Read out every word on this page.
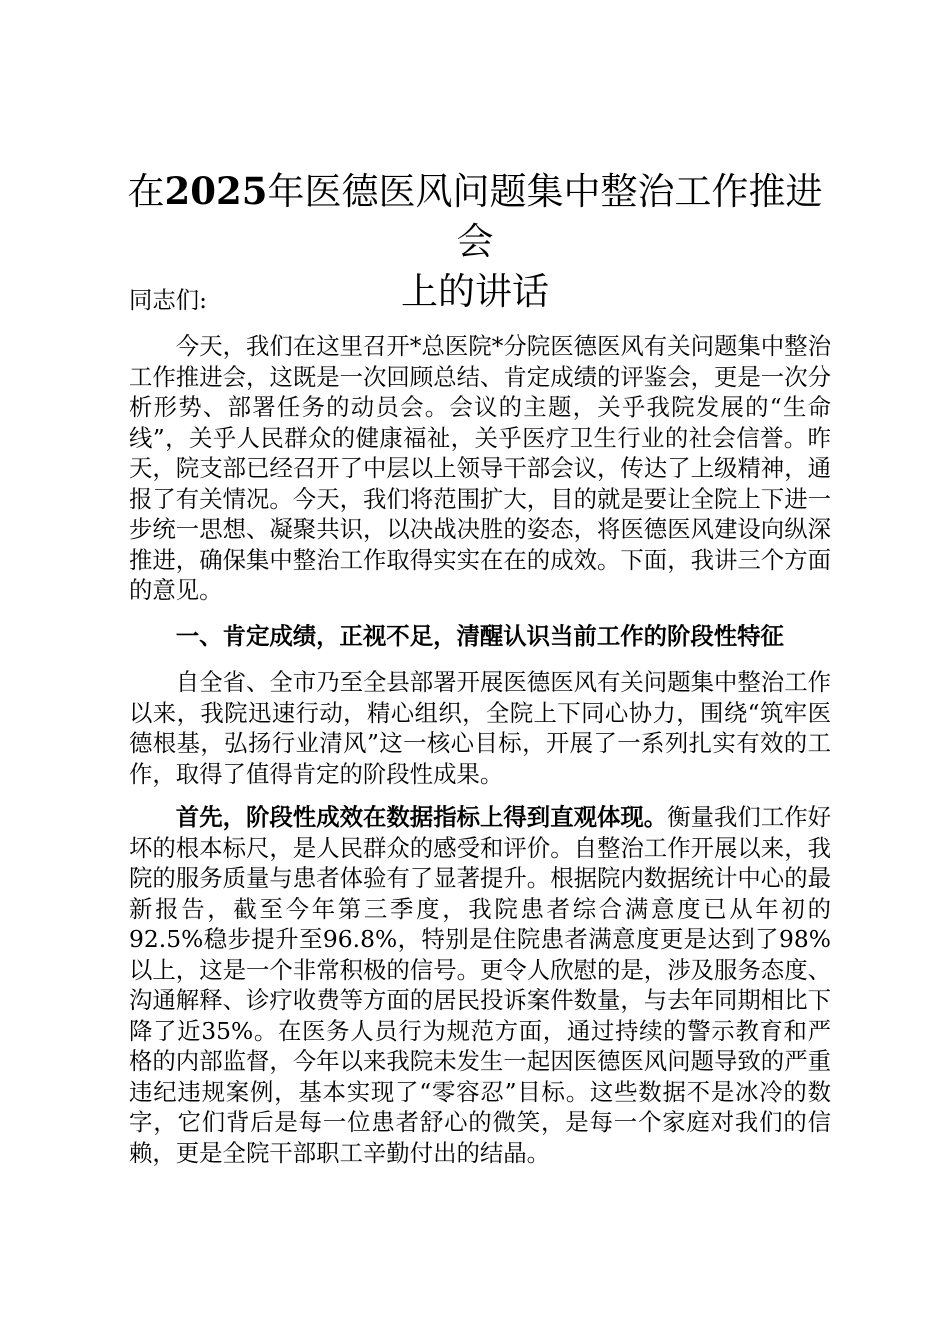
在2025年医德医风问题集中整治工作推进会
上的讲话
同志们:

今天，我们在这里召开*总医院*分院医德医风有关问题集中整治工作推进会，这既是一次回顾总结、肯定成绩的评鉴会，更是一次分析形势、部署任务的动员会。会议的主题，关乎我院发展的“生命线”，关乎人民群众的健康福祉，关乎医疗卫生行业的社会信誉。昨天，院支部已经召开了中层以上领导干部会议，传达了上级精神，通报了有关情况。今天，我们将范围扩大，目的就是要让全院上下进一步统一思想、凝聚共识，以决战决胜的姿态，将医德医风建设向纵深推进，确保集中整治工作取得实实在在的成效。下面，我讲三个方面的意见。

一、肯定成绩，正视不足，清醒认识当前工作的阶段性特征

自全省、全市乃至全县部署开展医德医风有关问题集中整治工作以来，我院迅速行动，精心组织，全院上下同心协力，围绕“筑牢医德根基，弘扬行业清风”这一核心目标，开展了一系列扎实有效的工作，取得了值得肯定的阶段性成果。

首先，阶段性成效在数据指标上得到直观体现。衡量我们工作好坏的根本标尺，是人民群众的感受和评价。自整治工作开展以来，我院的服务质量与患者体验有了显著提升。根据院内数据统计中心的最新报告，截至今年第三季度，我院患者综合满意度已从年初的92.5%稳步提升至96.8%，特别是住院患者满意度更是达到了98%以上，这是一个非常积极的信号。更令人欣慰的是，涉及服务态度、沟通解释、诊疗收费等方面的居民投诉案件数量，与去年同期相比下降了近35%。在医务人员行为规范方面，通过持续的警示教育和严格的内部监督，今年以来我院未发生一起因医德医风问题导致的严重违纪违规案例，基本实现了“零容忍”目标。这些数据不是冰冷的数字，它们背后是每一位患者舒心的微笑，是每一个家庭对我们的信赖，更是全院干部职工辛勤付出的结晶。
